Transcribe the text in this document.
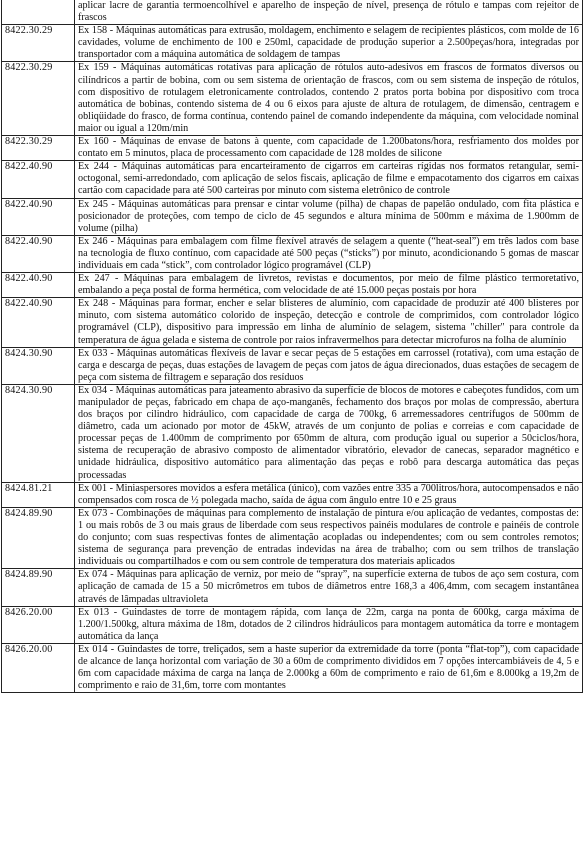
	aplicar lacre de garantia termoencolhível e aparelho de inspeção de nível, presença de rótulo e tampas com rejeitor de frascos
8422.30.29	Ex 158 - Máquinas automáticas para extrusão, moldagem, enchimento e selagem de recipientes plásticos, com molde de 16 cavidades, volume de enchimento de 100 e 250ml, capacidade de produção superior a 2.500peças/hora, integradas por transportador com a máquina automática de soldagem de tampas
8422.30.29	Ex 159 - Máquinas automáticas rotativas para aplicação de rótulos auto-adesivos em frascos de formatos diversos ou cilíndricos a partir de bobina, com ou sem sistema de orientação de frascos, com ou sem sistema de inspeção de rótulos, com dispositivo de rotulagem eletronicamente controlados, contendo 2 pratos porta bobina por dispositivo com troca automática de bobinas, contendo sistema de 4 ou 6 eixos para ajuste de altura de rotulagem, de dimensão, centragem e obliqüidade do frasco, de forma contínua, contendo painel de comando independente da máquina, com velocidade nominal maior ou igual a 120m/min
8422.30.29	Ex 160 - Máquinas de envase de batons à quente, com capacidade de 1.200batons/hora, resfriamento dos moldes por contato em 5 minutos, placa de processamento com capacidade de 128 moldes de silicone
8422.40.90	Ex 244 - Máquinas automáticas para encarteiramento de cigarros em carteiras rígidas nos formatos retangular, semi-octogonal, semi-arredondado, com aplicação de selos fiscais, aplicação de filme e empacotamento dos cigarros em caixas cartão com capacidade para até 500 carteiras por minuto com sistema eletrônico de controle
8422.40.90	Ex 245 - Máquinas automáticas para prensar e cintar volume (pilha) de chapas de papelão ondulado, com fita plástica e posicionador de proteções, com tempo de ciclo de 45 segundos e altura mínima de 500mm e máxima de 1.900mm de volume (pilha)
8422.40.90	Ex 246 - Máquinas para embalagem com filme flexível através de selagem a quente (“heat-seal”) em três lados com base na tecnologia de fluxo contínuo, com capacidade até 500 peças (“sticks”) por minuto, acondicionando 5 gomas de mascar individuais em cada “stick”, com controlador lógico programável (CLP)
8422.40.90	Ex 247 - Máquinas para embalagem de livretos, revistas e documentos, por meio de filme plástico termoretativo, embalando a peça postal de forma hermética, com velocidade de até 15.000 peças postais por hora
8422.40.90	Ex 248 - Máquinas para formar, encher e selar blisteres de alumínio, com capacidade de produzir até 400 blisteres por minuto, com sistema automático colorido de inspeção, detecção e controle de comprimidos, com controlador lógico programável (CLP), dispositivo para impressão em linha de alumínio de selagem, sistema "chiller" para controle da temperatura de água gelada e sistema de controle por raios infravermelhos para detectar microfuros na folha de alumínio
8424.30.90	Ex 033 - Máquinas automáticas flexíveis de lavar e secar peças de 5 estações em carrossel (rotativa), com uma estação de carga e descarga de peças, duas estações de lavagem de peças com jatos de água direcionados, duas estações de secagem de peça com sistema de filtragem e separação dos resíduos
8424.30.90	Ex 034 - Máquinas automáticas para jateamento abrasivo da superfície de blocos de motores e cabeçotes fundidos, com um manipulador de peças, fabricado em chapa de aço-manganês, fechamento dos braços por molas de compressão, abertura dos braços por cilindro hidráulico, com capacidade de carga de 700kg, 6 arremessadores centrífugos de 500mm de diâmetro, cada um acionado por motor de 45kW, através de um conjunto de polias e correias e com capacidade de processar peças de 1.400mm de comprimento por 650mm de altura, com produção igual ou superior a 50ciclos/hora, sistema de recuperação de abrasivo composto de alimentador vibratório, elevador de canecas, separador magnético e unidade hidráulica, dispositivo automático para alimentação das peças e robô para descarga automática das peças processadas
8424.81.21	Ex 001 - Miniaspersores movidos a esfera metálica (único), com vazões entre 335 a 700litros/hora, autocompensados e não compensados com rosca de ½ polegada macho, saída de água com ângulo entre 10 e 25 graus
8424.89.90	Ex 073 - Combinações de máquinas para complemento de instalação de pintura e/ou aplicação de vedantes, compostas de: 1 ou mais robôs de 3 ou mais graus de liberdade com seus respectivos painéis modulares de controle e painéis de controle do conjunto; com suas respectivas fontes de alimentação acopladas ou independentes; com ou sem controles remotos; sistema de segurança para prevenção de entradas indevidas na área de trabalho; com ou sem trilhos de translação individuais ou compartilhados e com ou sem controle de temperatura dos materiais aplicados
8424.89.90	Ex 074 - Máquinas para aplicação de verniz, por meio de “spray”, na superfície externa de tubos de aço sem costura, com aplicação de camada de 15 a 50 micrômetros em tubos de diâmetros entre 168,3 a 406,4mm, com secagem instantânea através de lâmpadas ultravioleta
8426.20.00	Ex 013 - Guindastes de torre de montagem rápida, com lança de 22m, carga na ponta de 600kg, carga máxima de 1.200/1.500kg, altura máxima de 18m, dotados de 2 cilindros hidráulicos para montagem automática da torre e montagem automática da lança
8426.20.00	Ex 014 - Guindastes de torre, treliçados, sem a haste superior da extremidade da torre (ponta “flat-top”), com capacidade de alcance de lança horizontal com variação de 30 a 60m de comprimento divididos em 7 opções intercambiáveis de 4, 5 e 6m com capacidade máxima de carga na lança de 2.000kg a 60m de comprimento e raio de 61,6m e 8.000kg a 19,2m de comprimento e raio de 31,6m, torre com montantes
